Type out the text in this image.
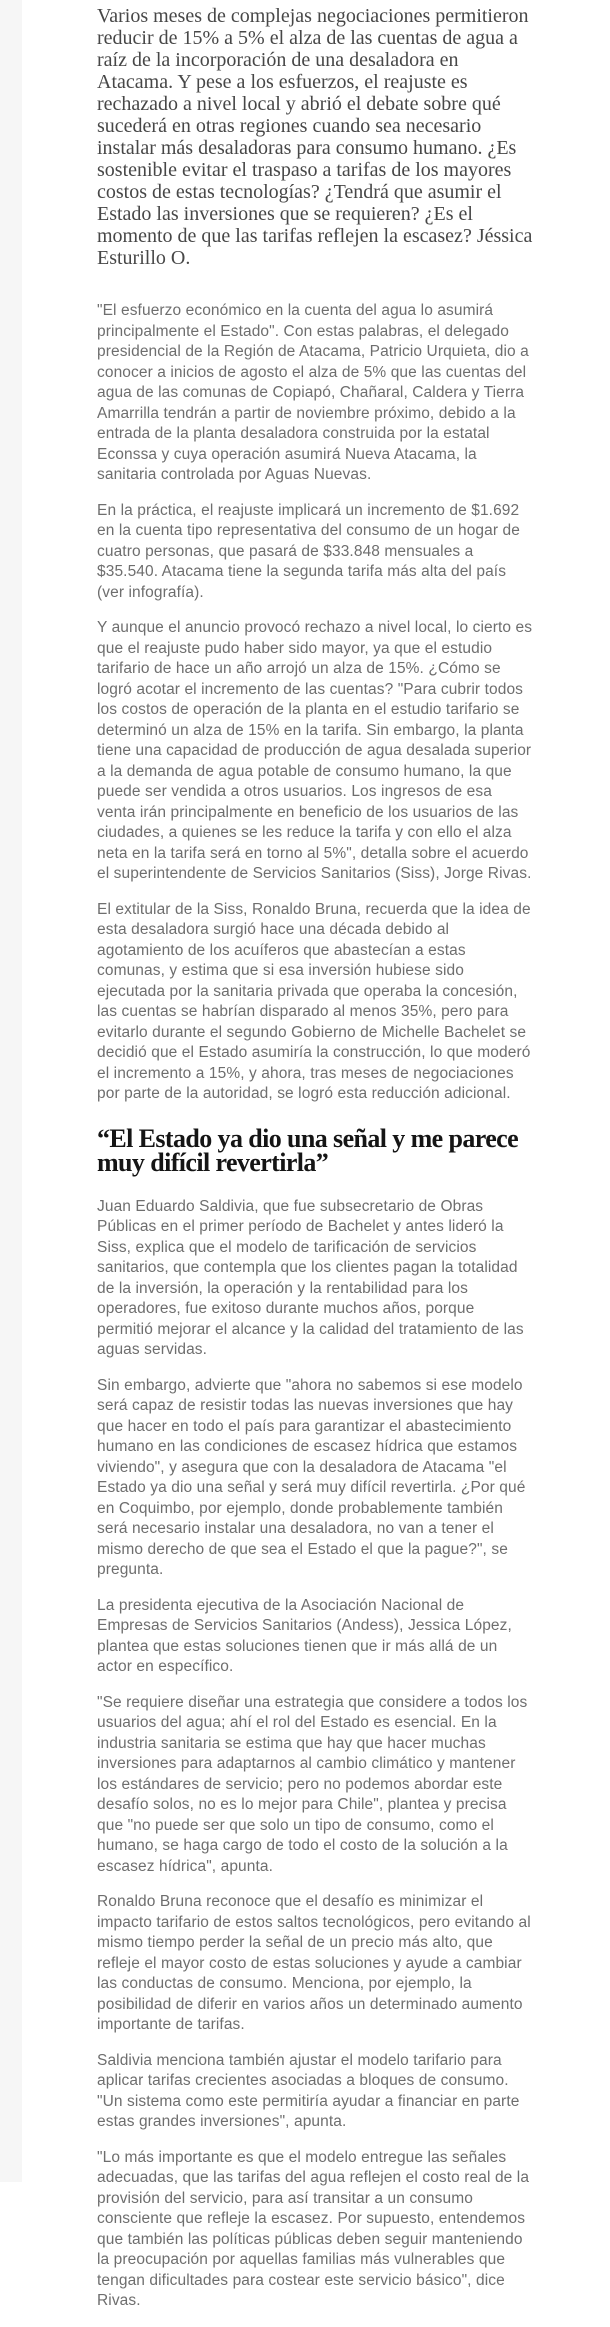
Varios meses de complejas negociaciones permitieron reducir de 15% a 5% el alza de las cuentas de agua a raíz de la incorporación de una desaladora en Atacama. Y pese a los esfuerzos, el reajuste es rechazado a nivel local y abrió el debate sobre qué sucederá en otras regiones cuando sea necesario instalar más desaladoras para consumo humano. ¿Es sostenible evitar el traspaso a tarifas de los mayores costos de estas tecnologías? ¿Tendrá que asumir el Estado las inversiones que se requieren? ¿Es el momento de que las tarifas reflejen la escasez? Jéssica Esturillo O.

"El esfuerzo económico en la cuenta del agua lo asumirá principalmente el Estado". Con estas palabras, el delegado presidencial de la Región de Atacama, Patricio Urquieta, dio a conocer a inicios de agosto el alza de 5% que las cuentas del agua de las comunas de Copiapó, Chañaral, Caldera y Tierra Amarrilla tendrán a partir de noviembre próximo, debido a la entrada de la planta desaladora construida por la estatal Econssa y cuya operación asumirá Nueva Atacama, la sanitaria controlada por Aguas Nuevas.

En la práctica, el reajuste implicará un incremento de $1.692 en la cuenta tipo representativa del consumo de un hogar de cuatro personas, que pasará de $33.848 mensuales a $35.540. Atacama tiene la segunda tarifa más alta del país (ver infografía).

Y aunque el anuncio provocó rechazo a nivel local, lo cierto es que el reajuste pudo haber sido mayor, ya que el estudio tarifario de hace un año arrojó un alza de 15%. ¿Cómo se logró acotar el incremento de las cuentas? "Para cubrir todos los costos de operación de la planta en el estudio tarifario se determinó un alza de 15% en la tarifa. Sin embargo, la planta tiene una capacidad de producción de agua desalada superior a la demanda de agua potable de consumo humano, la que puede ser vendida a otros usuarios. Los ingresos de esa venta irán principalmente en beneficio de los usuarios de las ciudades, a quienes se les reduce la tarifa y con ello el alza neta en la tarifa será en torno al 5%", detalla sobre el acuerdo el superintendente de Servicios Sanitarios (Siss), Jorge Rivas.

El extitular de la Siss, Ronaldo Bruna, recuerda que la idea de esta desaladora surgió hace una década debido al agotamiento de los acuíferos que abastecían a estas comunas, y estima que si esa inversión hubiese sido ejecutada por la sanitaria privada que operaba la concesión, las cuentas se habrían disparado al menos 35%, pero para evitarlo durante el segundo Gobierno de Michelle Bachelet se decidió que el Estado asumiría la construcción, lo que moderó el incremento a 15%, y ahora, tras meses de negociaciones por parte de la autoridad, se logró esta reducción adicional.

“El Estado ya dio una señal y me parece muy difícil revertirla”

Juan Eduardo Saldivia, que fue subsecretario de Obras Públicas en el primer período de Bachelet y antes lideró la Siss, explica que el modelo de tarificación de servicios sanitarios, que contempla que los clientes pagan la totalidad de la inversión, la operación y la rentabilidad para los operadores, fue exitoso durante muchos años, porque permitió mejorar el alcance y la calidad del tratamiento de las aguas servidas.

Sin embargo, advierte que "ahora no sabemos si ese modelo será capaz de resistir todas las nuevas inversiones que hay que hacer en todo el país para garantizar el abastecimiento humano en las condiciones de escasez hídrica que estamos viviendo", y asegura que con la desaladora de Atacama "el Estado ya dio una señal y será muy difícil revertirla. ¿Por qué en Coquimbo, por ejemplo, donde probablemente también será necesario instalar una desaladora, no van a tener el mismo derecho de que sea el Estado el que la pague?", se pregunta.

La presidenta ejecutiva de la Asociación Nacional de Empresas de Servicios Sanitarios (Andess), Jessica López, plantea que estas soluciones tienen que ir más allá de un actor en específico.

"Se requiere diseñar una estrategia que considere a todos los usuarios del agua; ahí el rol del Estado es esencial. En la industria sanitaria se estima que hay que hacer muchas inversiones para adaptarnos al cambio climático y mantener los estándares de servicio; pero no podemos abordar este desafío solos, no es lo mejor para Chile", plantea y precisa que "no puede ser que solo un tipo de consumo, como el humano, se haga cargo de todo el costo de la solución a la escasez hídrica", apunta.

Ronaldo Bruna reconoce que el desafío es minimizar el impacto tarifario de estos saltos tecnológicos, pero evitando al mismo tiempo perder la señal de un precio más alto, que refleje el mayor costo de estas soluciones y ayude a cambiar las conductas de consumo. Menciona, por ejemplo, la posibilidad de diferir en varios años un determinado aumento importante de tarifas.

Saldivia menciona también ajustar el modelo tarifario para aplicar tarifas crecientes asociadas a bloques de consumo. "Un sistema como este permitiría ayudar a financiar en parte estas grandes inversiones", apunta.

"Lo más importante es que el modelo entregue las señales adecuadas, que las tarifas del agua reflejen el costo real de la provisión del servicio, para así transitar a un consumo consciente que refleje la escasez. Por supuesto, entendemos que también las políticas públicas deben seguir manteniendo la preocupación por aquellas familias más vulnerables que tengan dificultades para costear este servicio básico", dice Rivas.
